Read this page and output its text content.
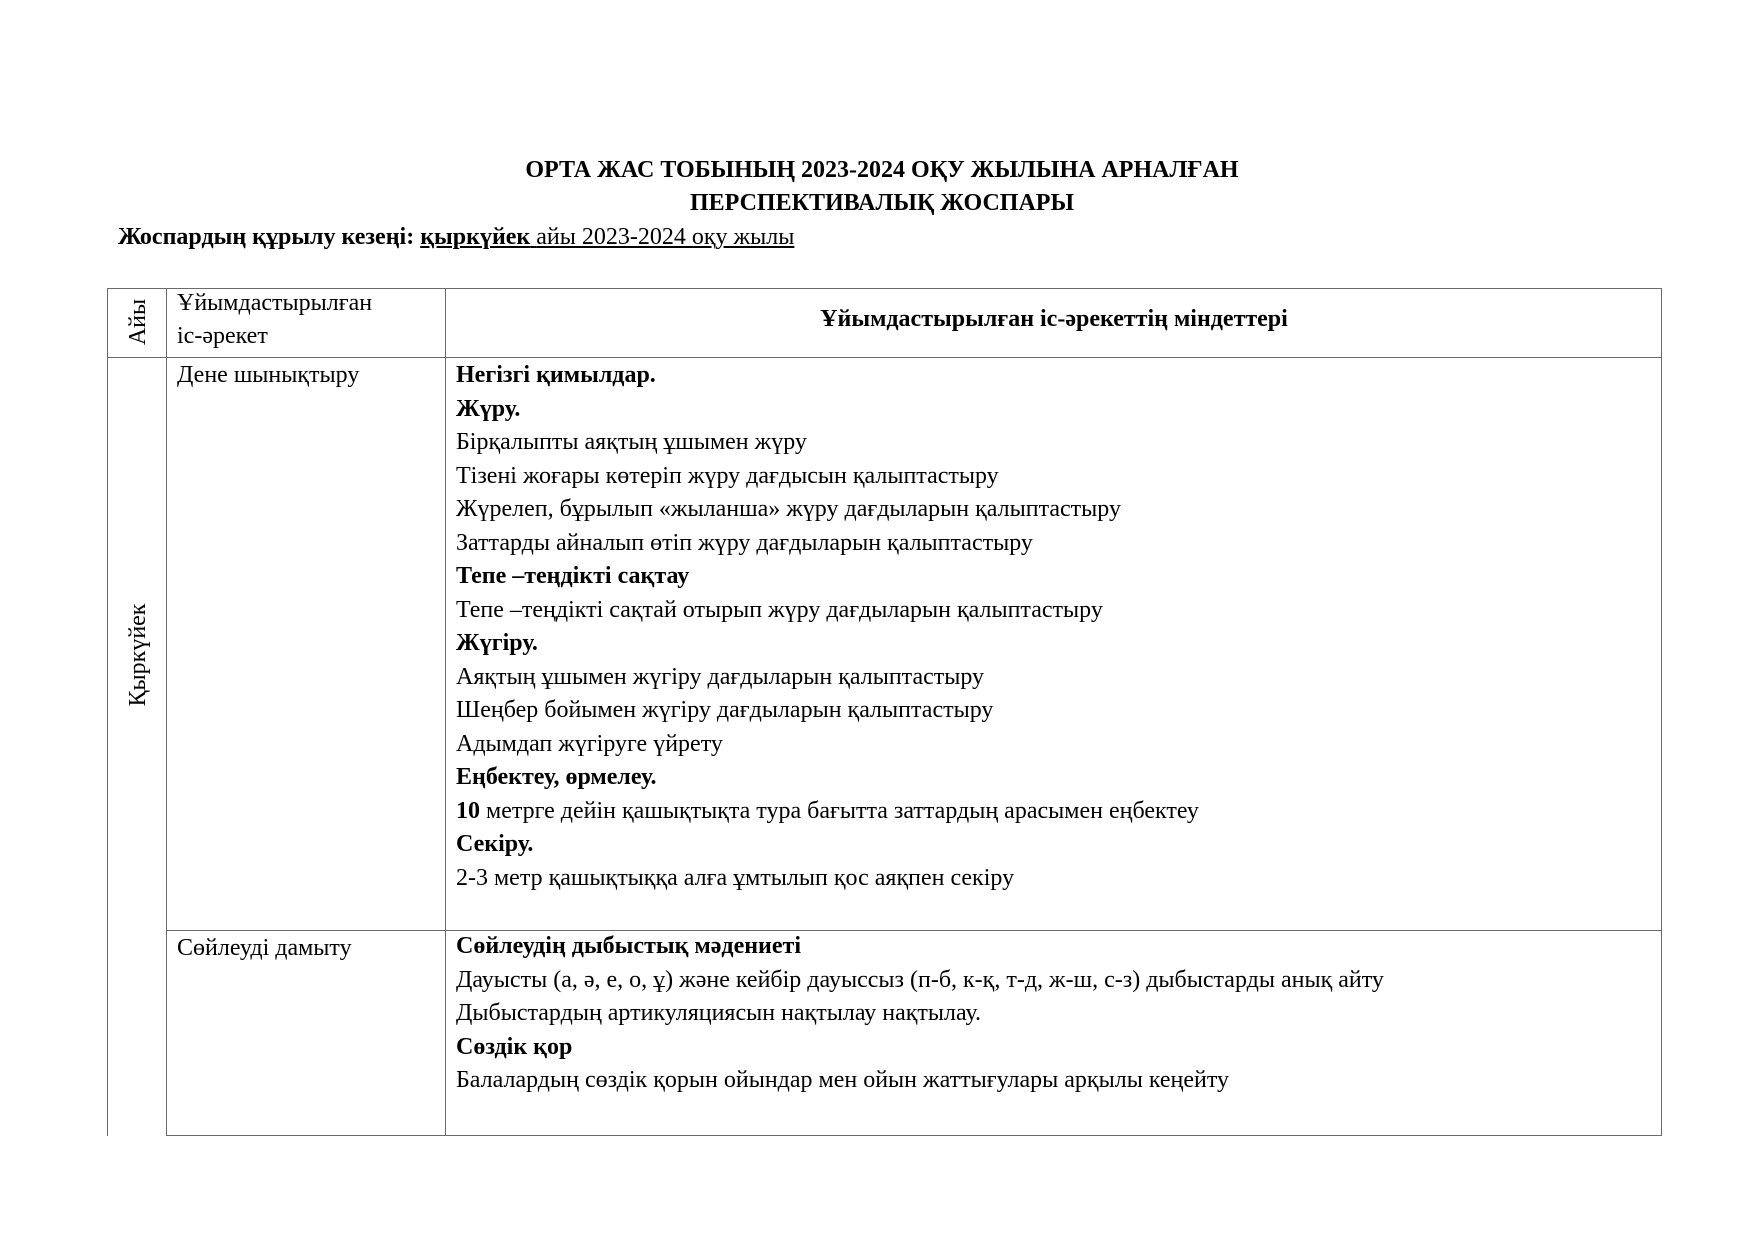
ОРТА ЖАС ТОБЫНЫҢ 2023-2024 ОҚУ ЖЫЛЫНА АРНАЛҒАН
ПЕРСПЕКТИВАЛЫҚ ЖОСПАРЫ
Жоспардың құрылу кезеңі: қыркүйек айы 2023-2024 оқу жылы
Айы Ұйымдастырылған
іс-әрекет
Ұйымдастырылған іс-әрекеттің міндеттері
Қыркүйек
Дене шынықтыру	Негізгі қимылдар.
Жүру.
Бірқалыпты аяқтың ұшымен жүру
Тізені жоғары көтеріп жүру дағдысын қалыптастыру
Жүрелеп, бұрылып «жыланша» жүру дағдыларын қалыптастыру
Заттарды айналып өтіп жүру дағдыларын қалыптастыру
Тепе –теңдікті сақтау
Тепе –теңдікті сақтай отырып жүру дағдыларын қалыптастыру
Жүгіру.
Аяқтың ұшымен жүгіру дағдыларын қалыптастыру
Шеңбер бойымен жүгіру дағдыларын қалыптастыру
Адымдап жүгіруге үйрету
Еңбектеу, өрмелеу.
10 метрге дейін қашықтықта тура бағытта заттардың арасымен еңбектеу
Секіру.
2-3 метр қашықтыққа алға ұмтылып қос аяқпен секіру
Сөйлеуді дамыту	Сөйлеудің дыбыстық мәдениеті
Дауысты (а, ә, е, о, ұ) және кейбір дауыссыз (п-б, к-қ, т-д, ж-ш, с-з) дыбыстарды анық айту
Дыбыстардың артикуляциясын нақтылау нақтылау.
Сөздік қор
Балалардың сөздік қорын ойындар мен ойын жаттығулары арқылы кеңейту
